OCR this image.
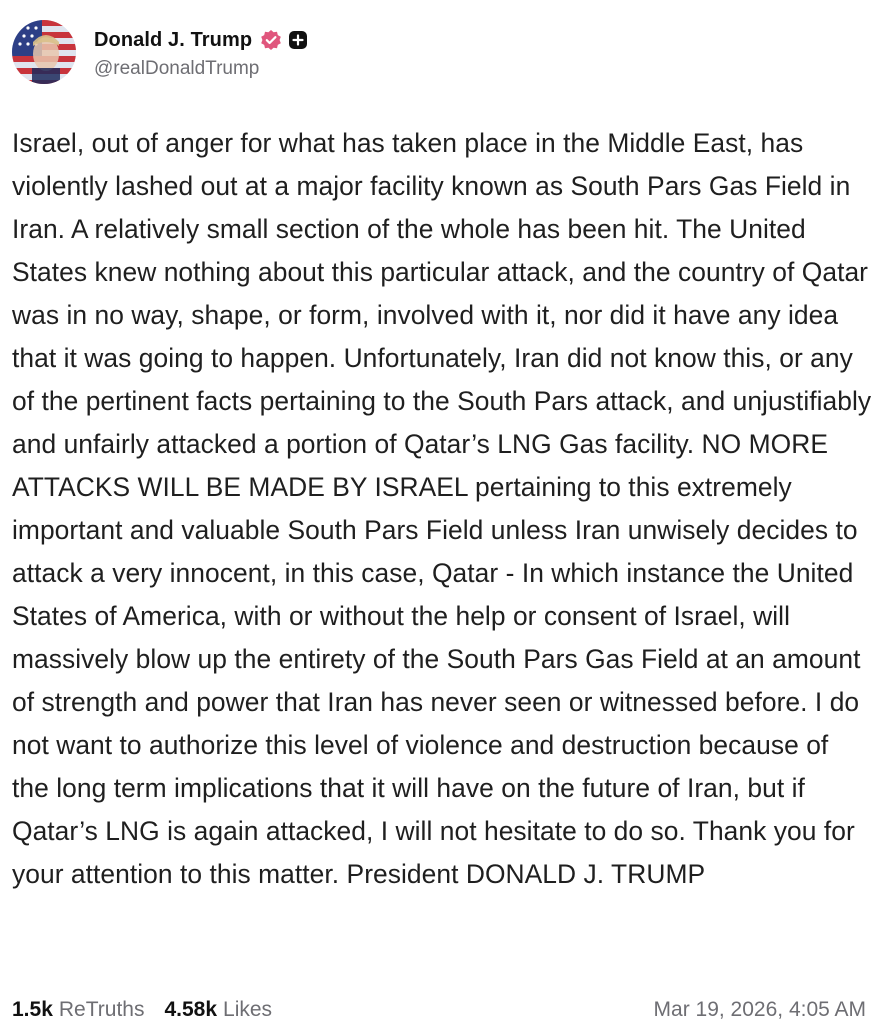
Donald J. Trump
@realDonaldTrump

Israel, out of anger for what has taken place in the Middle East, has violently lashed out at a major facility known as South Pars Gas Field in Iran. A relatively small section of the whole has been hit. The United States knew nothing about this particular attack, and the country of Qatar was in no way, shape, or form, involved with it, nor did it have any idea that it was going to happen. Unfortunately, Iran did not know this, or any of the pertinent facts pertaining to the South Pars attack, and unjustifiably and unfairly attacked a portion of Qatar’s LNG Gas facility. NO MORE ATTACKS WILL BE MADE BY ISRAEL pertaining to this extremely important and valuable South Pars Field unless Iran unwisely decides to attack a very innocent, in this case, Qatar - In which instance the United States of America, with or without the help or consent of Israel, will massively blow up the entirety of the South Pars Gas Field at an amount of strength and power that Iran has never seen or witnessed before. I do not want to authorize this level of violence and destruction because of the long term implications that it will have on the future of Iran, but if Qatar’s LNG is again attacked, I will not hesitate to do so. Thank you for your attention to this matter. President DONALD J. TRUMP

1.5k ReTruths 4.58k Likes	Mar 19, 2026, 4:05 AM
